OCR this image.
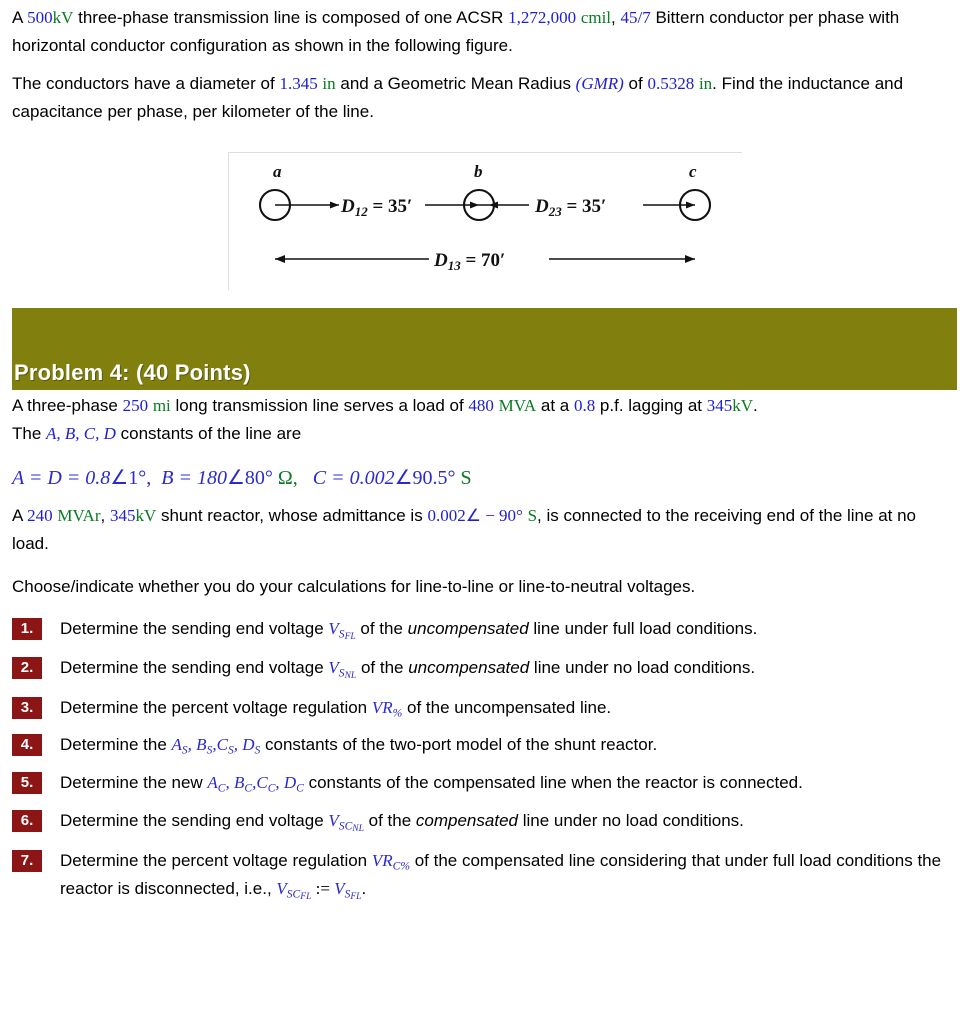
A 500kV three-phase transmission line is composed of one ACSR 1,272,000 cmil, 45/7 Bittern conductor per phase with horizontal conductor configuration as shown in the following figure.

The conductors have a diameter of 1.345 in and a Geometric Mean Radius (GMR) of 0.5328 in. Find the inductance and capacitance per phase, per kilometer of the line.

a	b	c
$D_{12} = 35'$	$D_{23} = 35'$
$D_{13} = 70'$
Problem 4: (40 Points)

A three-phase 250 mi long transmission line serves a load of 480 MVA at a 0.8 p.f. lagging at 345kV.
The A, B, C, D constants of the line are

A = D = 0.8∠1°, B = 180∠80° Ω, C = 0.002∠90.5° S

A 240 MVAr, 345kV shunt reactor, whose admittance is 0.002∠ − 90° S, is connected to the receiving end of the line at no load.

Choose/indicate whether you do your calculations for line-to-line or line-to-neutral voltages.

1.	Determine the sending end voltage $V_{SFL}$ of the uncompensated line under full load conditions.
2.	Determine the sending end voltage $V_{SNL}$ of the uncompensated line under no load conditions.
3.	Determine the percent voltage regulation $VR_{\%}$ of the uncompensated line.
4.	Determine the $A_S$, $B_S,C_S$, $D_S$ constants of the two-port model of the shunt reactor.
5.	Determine the new $A_C$, $B_C,C_C$, $D_C$ constants of the compensated line when the reactor is connected.
6.	Determine the sending end voltage $V_{SCNL}$ of the compensated line under no load conditions.
7.	Determine the percent voltage regulation $VR_{C\%}$ of the compensated line considering that under full load conditions the reactor is disconnected, i.e., $V_{SCFL}$ := $V_{SFL}$.
